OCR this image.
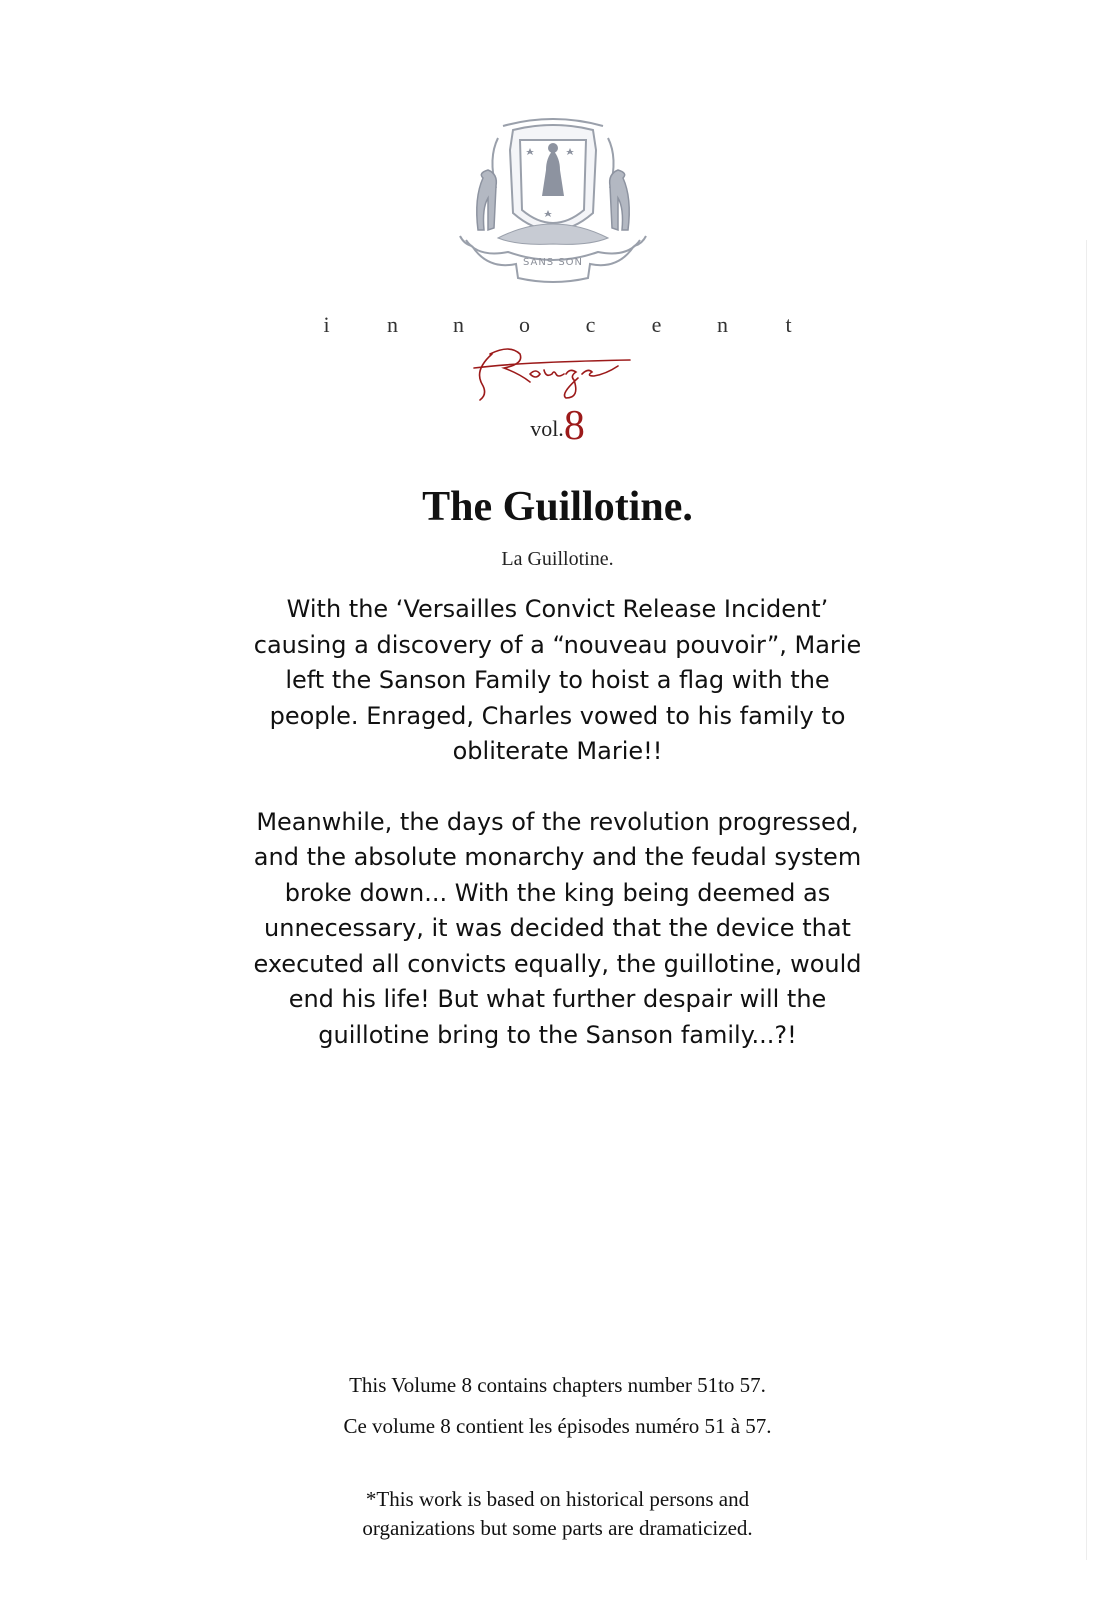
SANS SON
i	n	n	o	c	e	n	t
vol.8
The Guillotine.
La Guillotine.

With the ‘Versailles Convict Release Incident’ causing a discovery of a “nouveau pouvoir”, Marie left the Sanson Family to hoist a flag with the people. Enraged, Charles vowed to his family to obliterate Marie!!

Meanwhile, the days of the revolution progressed, and the absolute monarchy and the feudal system broke down... With the king being deemed as unnecessary, it was decided that the device that executed all convicts equally, the guillotine, would end his life! But what further despair will the guillotine bring to the Sanson family...?!

This Volume 8 contains chapters number 51to 57.
Ce volume 8 contient les épisodes numéro 51 à 57.
*This work is based on historical persons and
organizations but some parts are dramaticized.
